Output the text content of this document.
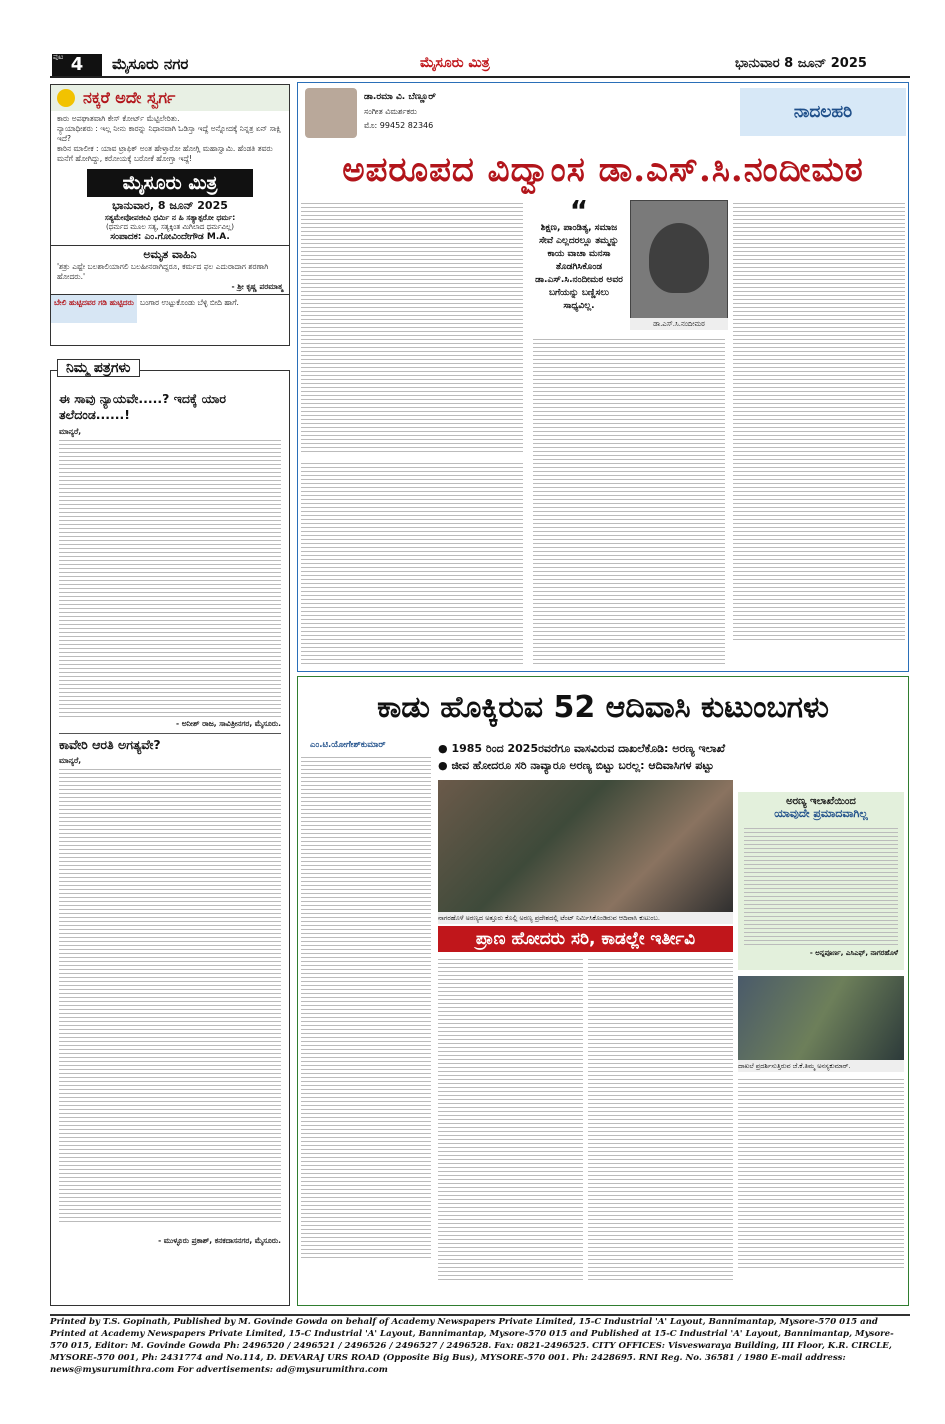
4
ಪುಟ	ಮೈಸೂರು ನಗರ	ಮೈಸೂರು ಮಿತ್ರ	ಭಾನುವಾರ 8 ಜೂನ್ 2025
ನಕ್ಕರೆ ಅದೇ ಸ್ವರ್ಗ
ಕಾರು ಅಪಘಾತವಾಗಿ ಕೇಸ್ ಕೋರ್ಟ್ ಮೆಟ್ಟಿಲೇರಿತು.
ನ್ಯಾಯಾಧೀಶರು : ಇಲ್ಲ ನೀನು ಕಾರನ್ನು ನಿಧಾನವಾಗಿ ಓಡಿಸ್ತಾ ಇದ್ದೆ ಅನ್ನೋದಕ್ಕೆ ನಿನ್ನತ್ರ ಏನ್ ಸಾಕ್ಷಿ ಇದೆ?
ಕಾರಿನ ಮಾಲೀಕ : ಯಾವ ಟ್ರಾಫಿಕ್ ಅಂತ ಹೇಳ್ತಾರೋ ಹೋಗ್ಲಿ ಮಹಾಸ್ವಾಮಿ. ಹೆಂಡತಿ ತವರು ಮನೆಗೆ ಹೋಗಿದ್ದು, ಕರೋಯಕ್ಕೆ ಬರೋಕೆ ಹೋಗ್ತಾ ಇದ್ದೆ!
ಮೈಸೂರು ಮಿತ್ರ
ಭಾನುವಾರ, 8 ಜೂನ್ 2025
ಸತ್ಯಮೇವೋಪಜೀವಿ ಧರ್ಮಿ ನ ಹಿ ಸತ್ಯಾತ್ಪರೋ ಧರ್ಮ:
(ಧರ್ಮದ ಮೂಲ ಸತ್ಯ, ಸತ್ಯಕ್ಕಿಂತ ಮಿಗಿಲಾದ ಧರ್ಮವಿಲ್ಲ)
ಸಂಪಾದಕ: ಎಂ.ಗೋವಿಂದೇಗೌಡ M.A.
ಅಮೃತ ವಾಹಿನಿ
'ಶತ್ರು ಎಷ್ಟೇ ಬಲಶಾಲಿಯಾಗಲಿ ಬಲಹೀನರಾಗಿದ್ದರೂ, ಕರ್ಮದ ಫಲ ಎದುರಾದಾಗ ಶರಣಾಗಿ ಹೋದರು.'
- ಶ್ರೀ ಕೃಷ್ಣ ಪರಮಾತ್ಮ
ಬೇಲಿ ಹುಟ್ಟಿದವರ ಗಡಿ ಹುಟ್ಟಿದರು ಬಂಗಾರ ಉಟ್ಟುಕೊಂಡು ಬೆಳ್ಳಿ ಬೀದಿ ಹಾಗೆ.
ನಿಮ್ಮ ಪತ್ರಗಳು
ಈ ಸಾವು ನ್ಯಾಯವೇ.....? ಇದಕ್ಕೆ ಯಾರ ತಲೆದಂಡ......!
ಮಾನ್ಯರೆ,
- ಅನೀಶ್ ರಾಜ, ಸಾವಿತ್ರೀನಗರ, ಮೈಸೂರು.
ಕಾವೇರಿ ಆರತಿ ಅಗತ್ಯವೇ?
ಮಾನ್ಯರೆ,
- ಮುಳ್ಳೂರು ಪ್ರಕಾಶ್, ಕನಕದಾಸನಗರ, ಮೈಸೂರು.
ಡಾ.ರಮಾ ವಿ. ಬೆಣ್ಣೂರ್
ಸಂಗೀತ ವಿಮರ್ಶಕರು
ಮೊ: 99452 82346
ನಾದಲಹರಿ
ಅಪರೂಪದ ವಿದ್ವಾಂಸ ಡಾ.ಎಸ್.ಸಿ.ನಂದೀಮಠ
“
ಶಿಕ್ಷಣ, ಪಾಂಡಿತ್ಯ, ಸಮಾಜ ಸೇವೆ ಎಲ್ಲದರಲ್ಲೂ ತಮ್ಮನ್ನು ಕಾಯ ವಾಚಾ ಮನಸಾ ತೊಡಗಿಸಿಕೊಂಡ ಡಾ.ಎಸ್.ಸಿ.ನಂದೀಮಠ ಅವರ ಬಗೆಯನ್ನು ಬಣ್ಣಿಸಲು ಸಾಧ್ಯವಿಲ್ಲ.
ಡಾ.ಎಸ್.ಸಿ.ನಂದೀಮಠ
ಕಾಡು ಹೊಕ್ಕಿರುವ 52 ಆದಿವಾಸಿ ಕುಟುಂಬಗಳು
ಎಂ.ಟಿ.ಯೋಗೇಶ್‌ಕುಮಾರ್	● 1985 ರಿಂದ 2025ರವರೆಗೂ ವಾಸವಿರುವ ದಾಖಲೆಕೊಡಿ: ಅರಣ್ಯ ಇಲಾಖೆ
● ಜೀವ ಹೋದರೂ ಸರಿ ನಾವ್ಯಾರೂ ಅರಣ್ಯ ಬಿಟ್ಟು ಬರಲ್ಲ: ಆದಿವಾಸಿಗಳ ಪಟ್ಟು
ನಾಗರಹೊಳೆ ಅರಣ್ಯದ ಅತ್ತೂರು ಕೊಲ್ಲಿ ಅರಣ್ಯ ಪ್ರದೇಶದಲ್ಲಿ ಟೆಂಟ್ ನಿರ್ಮಿಸಿಕೊಂಡಿರುವ ಆದಿವಾಸಿ ಕುಟುಂಬ.
ಪ್ರಾಣ ಹೋದರು ಸರಿ, ಕಾಡಲ್ಲೇ ಇರ್ತೀವಿ
ಅರಣ್ಯ ಇಲಾಖೆಯಿಂದ
ಯಾವುದೇ ಪ್ರಮಾದವಾಗಿಲ್ಲ
- ಅನ್ನಪೂರ್ಣ, ಎಸಿಎಫ್, ನಾಗರಹೊಳೆ
ದಾಖಲೆ ಪ್ರದರ್ಶಿಸುತ್ತಿರುವ ಜೆ.ಕೆ.ತಿಮ್ಮ ಅನಸ್ಯಕುಮಾರ್.
Printed by T.S. Gopinath, Published by M. Govinde Gowda on behalf of Academy Newspapers Private Limited, 15-C Industrial 'A' Layout, Bannimantap, Mysore-570 015 and Printed at Academy Newspapers Private Limited, 15-C Industrial 'A' Layout, Bannimantap, Mysore-570 015 and Published at 15-C Industrial 'A' Layout, Bannimantap, Mysore-570 015, Editor: M. Govinde Gowda Ph: 2496520 / 2496521 / 2496526 / 2496527 / 2496528. Fax: 0821-2496525. CITY OFFICES: Visveswaraya Building, III Floor, K.R. CIRCLE, MYSORE-570 001, Ph: 2431774 and No.114, D. DEVARAJ URS ROAD (Opposite Big Bus), MYSORE-570 001. Ph: 2428695. RNI Reg. No. 36581 / 1980 E-mail address: news@mysurumithra.com For advertisements: ad@mysurumithra.com
